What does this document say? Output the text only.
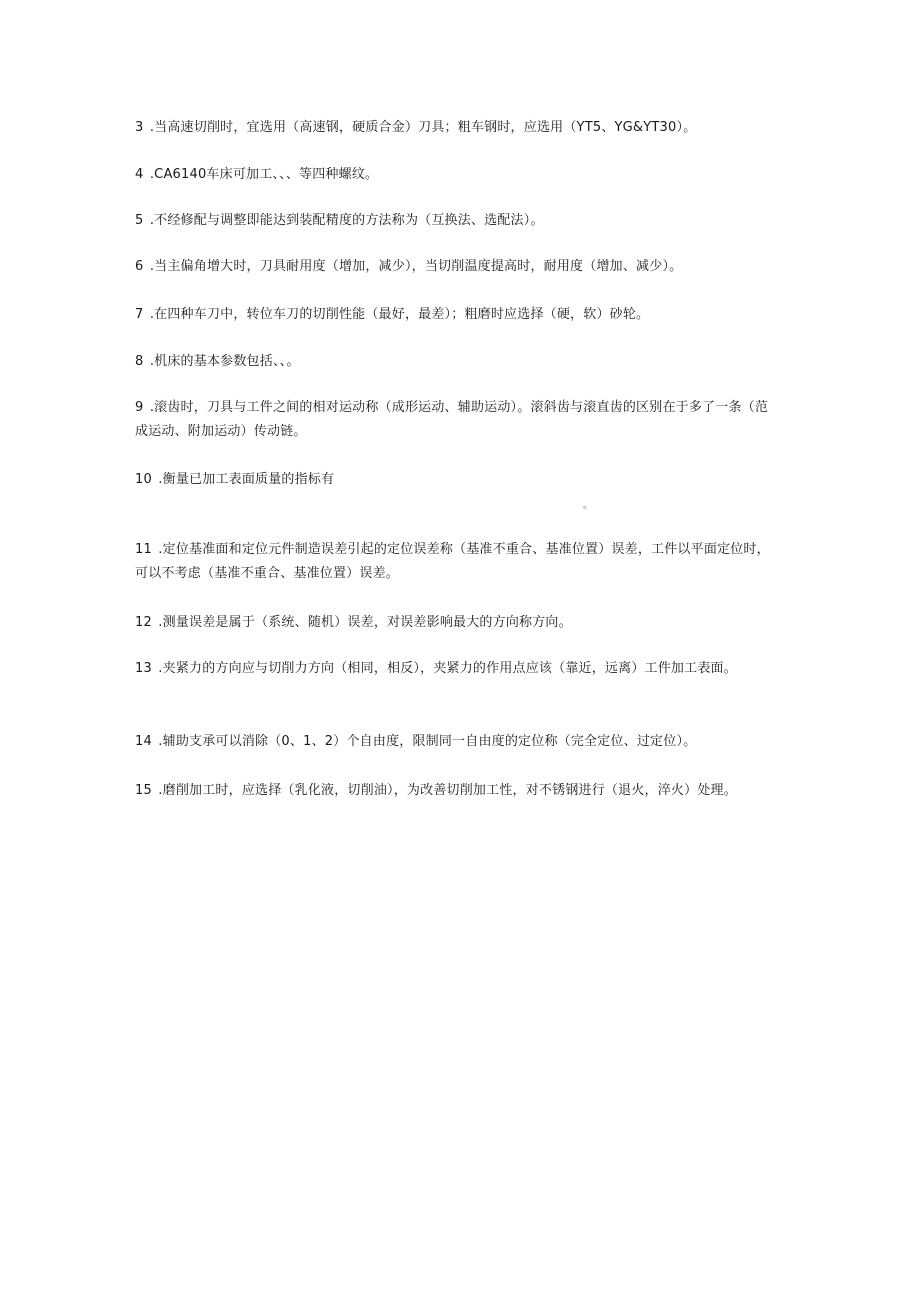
3 .当高速切削时，宜选用（高速钢，硬质合金）刀具；粗车钢时，应选用（YT5、YG&YT30）。
4 .CA6140车床可加工、、、等四种螺纹。
5 .不经修配与调整即能达到装配精度的方法称为（互换法、选配法）。
6 .当主偏角增大时，刀具耐用度（增加，减少），当切削温度提高时，耐用度（增加、减少）。
7 .在四种车刀中，转位车刀的切削性能（最好，最差）；粗磨时应选择（硬，软）砂轮。
8 .机床的基本参数包括、、。
9 .滚齿时，刀具与工件之间的相对运动称（成形运动、辅助运动）。滚斜齿与滚直齿的区别在于多了一条（范成运动、附加运动）传动链。
10 .衡量已加工表面质量的指标有
。
11 .定位基准面和定位元件制造误差引起的定位误差称（基准不重合、基准位置）误差，工件以平面定位时，可以不考虑（基准不重合、基准位置）误差。
12 .测量误差是属于（系统、随机）误差，对误差影响最大的方向称方向。
13 .夹紧力的方向应与切削力方向（相同，相反），夹紧力的作用点应该（靠近，远离）工件加工表面。
14 .辅助支承可以消除（0、1、2）个自由度，限制同一自由度的定位称（完全定位、过定位）。
15 .磨削加工时，应选择（乳化液，切削油），为改善切削加工性，对不锈钢进行（退火，淬火）处理。
